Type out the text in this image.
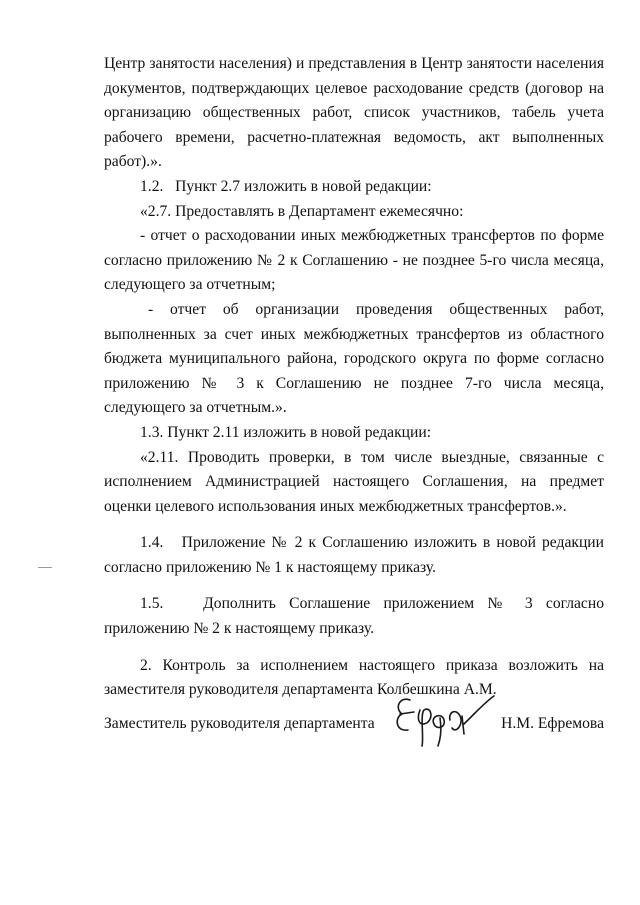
Центр занятости населения) и представления в Центр занятости населения документов, подтверждающих целевое расходование средств (договор на организацию общественных работ, список участников, табель учета рабочего времени, расчетно-платежная ведомость, акт выполненных работ).».

1.2.   Пункт 2.7 изложить в новой редакции:

«2.7. Предоставлять в Департамент ежемесячно:

- отчет о расходовании иных межбюджетных трансфертов по форме согласно приложению № 2 к Соглашению - не позднее 5-го числа месяца, следующего за отчетным;

- отчет об организации проведения общественных работ, выполненных за счет иных межбюджетных трансфертов из областного бюджета муниципального района, городского округа по форме согласно приложению № 3 к Соглашению не позднее 7-го числа месяца, следующего за отчетным.».

1.3. Пункт 2.11 изложить в новой редакции:

«2.11. Проводить проверки, в том числе выездные, связанные с исполнением Администрацией настоящего Соглашения, на предмет оценки целевого использования иных межбюджетных трансфертов.».

1.4.   Приложение № 2 к Соглашению изложить в новой редакции согласно приложению № 1 к настоящему приказу.

1.5.   Дополнить Соглашение приложением № 3 согласно приложению № 2 к настоящему приказу.

2. Контроль за исполнением настоящего приказа возложить на заместителя руководителя департамента Колбешкина А.М.

Заместитель руководителя департамента	Н.М. Ефремова
